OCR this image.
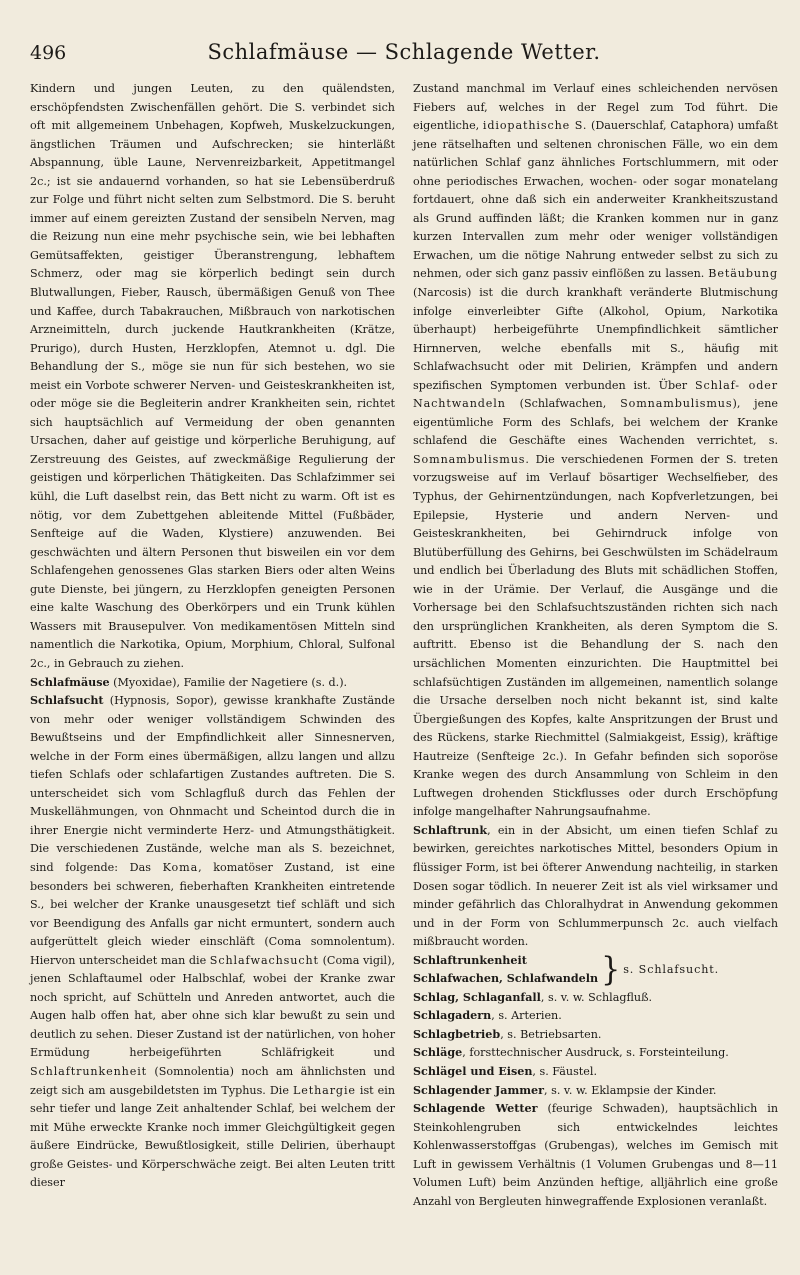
496	Schlafmäuse — Schlagende Wetter.

Kindern und jungen Leuten, zu den quälendsten, erschöpfendsten Zwischenfällen gehört. Die S. verbindet sich oft mit allgemeinem Unbehagen, Kopfweh, Muskelzuckungen, ängstlichen Träumen und Aufschrecken; sie hinterläßt Abspannung, üble Laune, Nervenreizbarkeit, Appetitmangel 2c.; ist sie andauernd vorhanden, so hat sie Lebensüberdruß zur Folge und führt nicht selten zum Selbstmord. Die S. beruht immer auf einem gereizten Zustand der sensibeln Nerven, mag die Reizung nun eine mehr psychische sein, wie bei lebhaften Gemütsaffekten, geistiger Überanstrengung, lebhaftem Schmerz, oder mag sie körperlich bedingt sein durch Blutwallungen, Fieber, Rausch, übermäßigen Genuß von Thee und Kaffee, durch Tabakrauchen, Mißbrauch von narkotischen Arzneimitteln, durch juckende Hautkrankheiten (Krätze, Prurigo), durch Husten, Herzklopfen, Atemnot u. dgl. Die Behandlung der S., möge sie nun für sich bestehen, wo sie meist ein Vorbote schwerer Nerven- und Geisteskrankheiten ist, oder möge sie die Begleiterin andrer Krankheiten sein, richtet sich hauptsächlich auf Vermeidung der oben genannten Ursachen, daher auf geistige und körperliche Beruhigung, auf Zerstreuung des Geistes, auf zweckmäßige Regulierung der geistigen und körperlichen Thätigkeiten. Das Schlafzimmer sei kühl, die Luft daselbst rein, das Bett nicht zu warm. Oft ist es nötig, vor dem Zubettgehen ableitende Mittel (Fußbäder, Senfteige auf die Waden, Klystiere) anzuwenden. Bei geschwächten und ältern Personen thut bisweilen ein vor dem Schlafengehen genossenes Glas starken Biers oder alten Weins gute Dienste, bei jüngern, zu Herzklopfen geneigten Personen eine kalte Waschung des Oberkörpers und ein Trunk kühlen Wassers mit Brausepulver. Von medikamentösen Mitteln sind namentlich die Narkotika, Opium, Morphium, Chloral, Sulfonal 2c., in Gebrauch zu ziehen.

Schlafmäuse (Myoxidae), Familie der Nagetiere (s. d.).

Schlafsucht (Hypnosis, Sopor), gewisse krankhafte Zustände von mehr oder weniger vollständigem Schwinden des Bewußtseins und der Empfindlichkeit aller Sinnesnerven, welche in der Form eines übermäßigen, allzu langen und allzu tiefen Schlafs oder schlafartigen Zustandes auftreten. Die S. unterscheidet sich vom Schlagfluß durch das Fehlen der Muskellähmungen, von Ohnmacht und Scheintod durch die in ihrer Energie nicht verminderte Herz- und Atmungsthätigkeit. Die verschiedenen Zustände, welche man als S. bezeichnet, sind folgende: Das Koma, komatöser Zustand, ist eine besonders bei schweren, fieberhaften Krankheiten eintretende S., bei welcher der Kranke unausgesetzt tief schläft und sich vor Beendigung des Anfalls gar nicht ermuntert, sondern auch aufgerüttelt gleich wieder einschläft (Coma somnolentum). Hiervon unterscheidet man die Schlafwachsucht (Coma vigil), jenen Schlaftaumel oder Halbschlaf, wobei der Kranke zwar noch spricht, auf Schütteln und Anreden antwortet, auch die Augen halb offen hat, aber ohne sich klar bewußt zu sein und deutlich zu sehen. Dieser Zustand ist der natürlichen, von hoher Ermüdung herbeigeführten Schläfrigkeit und Schlaftrunkenheit (Somnolentia) noch am ähnlichsten und zeigt sich am ausgebildetsten im Typhus. Die Lethargie ist ein sehr tiefer und lange Zeit anhaltender Schlaf, bei welchem der mit Mühe erweckte Kranke noch immer Gleichgültigkeit gegen äußere Eindrücke, Bewußtlosigkeit, stille Delirien, überhaupt große Geistes- und Körperschwäche zeigt. Bei alten Leuten tritt dieser

Zustand manchmal im Verlauf eines schleichenden nervösen Fiebers auf, welches in der Regel zum Tod führt. Die eigentliche, idiopathische S. (Dauerschlaf, Cataphora) umfaßt jene rätselhaften und seltenen chronischen Fälle, wo ein dem natürlichen Schlaf ganz ähnliches Fortschlummern, mit oder ohne periodisches Erwachen, wochen- oder sogar monatelang fortdauert, ohne daß sich ein anderweiter Krankheitszustand als Grund auffinden läßt; die Kranken kommen nur in ganz kurzen Intervallen zum mehr oder weniger vollständigen Erwachen, um die nötige Nahrung entweder selbst zu sich zu nehmen, oder sich ganz passiv einflößen zu lassen. Betäubung (Narcosis) ist die durch krankhaft veränderte Blutmischung infolge einverleibter Gifte (Alkohol, Opium, Narkotika überhaupt) herbeigeführte Unempfindlichkeit sämtlicher Hirnnerven, welche ebenfalls mit S., häufig mit Schlafwachsucht oder mit Delirien, Krämpfen und andern spezifischen Symptomen verbunden ist. Über Schlaf- oder Nachtwandeln (Schlafwachen, Somnambulismus), jene eigentümliche Form des Schlafs, bei welchem der Kranke schlafend die Geschäfte eines Wachenden verrichtet, s. Somnambulismus. Die verschiedenen Formen der S. treten vorzugsweise auf im Verlauf bösartiger Wechselfieber, des Typhus, der Gehirnentzündungen, nach Kopfverletzungen, bei Epilepsie, Hysterie und andern Nerven- und Geisteskrankheiten, bei Gehirndruck infolge von Blutüberfüllung des Gehirns, bei Geschwülsten im Schädelraum und endlich bei Überladung des Bluts mit schädlichen Stoffen, wie in der Urämie. Der Verlauf, die Ausgänge und die Vorhersage bei den Schlafsuchtszuständen richten sich nach den ursprünglichen Krankheiten, als deren Symptom die S. auftritt. Ebenso ist die Behandlung der S. nach den ursächlichen Momenten einzurichten. Die Hauptmittel bei schlafsüchtigen Zuständen im allgemeinen, namentlich solange die Ursache derselben noch nicht bekannt ist, sind kalte Übergießungen des Kopfes, kalte Anspritzungen der Brust und des Rückens, starke Riechmittel (Salmiakgeist, Essig), kräftige Hautreize (Senfteige 2c.). In Gefahr befinden sich soporöse Kranke wegen des durch Ansammlung von Schleim in den Luftwegen drohenden Stickflusses oder durch Erschöpfung infolge mangelhafter Nahrungsaufnahme.

Schlaftrunk, ein in der Absicht, um einen tiefen Schlaf zu bewirken, gereichtes narkotisches Mittel, besonders Opium in flüssiger Form, ist bei öfterer Anwendung nachteilig, in starken Dosen sogar tödlich. In neuerer Zeit ist als viel wirksamer und minder gefährlich das Chloralhydrat in Anwendung gekommen und in der Form von Schlummerpunsch 2c. auch vielfach mißbraucht worden.

Schlaftrunkenheit
Schlafwachen, Schlafwandeln } s. Schlafsucht.

Schlag, Schlaganfall, s. v. w. Schlagfluß.

Schlagadern, s. Arterien.

Schlagbetrieb, s. Betriebsarten.

Schläge, forsttechnischer Ausdruck, s. Forsteinteilung.

Schlägel und Eisen, s. Fäustel.

Schlagender Jammer, s. v. w. Eklampsie der Kinder.

Schlagende Wetter (feurige Schwaden), hauptsächlich in Steinkohlengruben sich entwickelndes leichtes Kohlenwasserstoffgas (Grubengas), welches im Gemisch mit Luft in gewissem Verhältnis (1 Volumen Grubengas und 8—11 Volumen Luft) beim Anzünden heftige, alljährlich eine große Anzahl von Bergleuten hinwegraffende Explosionen veranlaßt.
